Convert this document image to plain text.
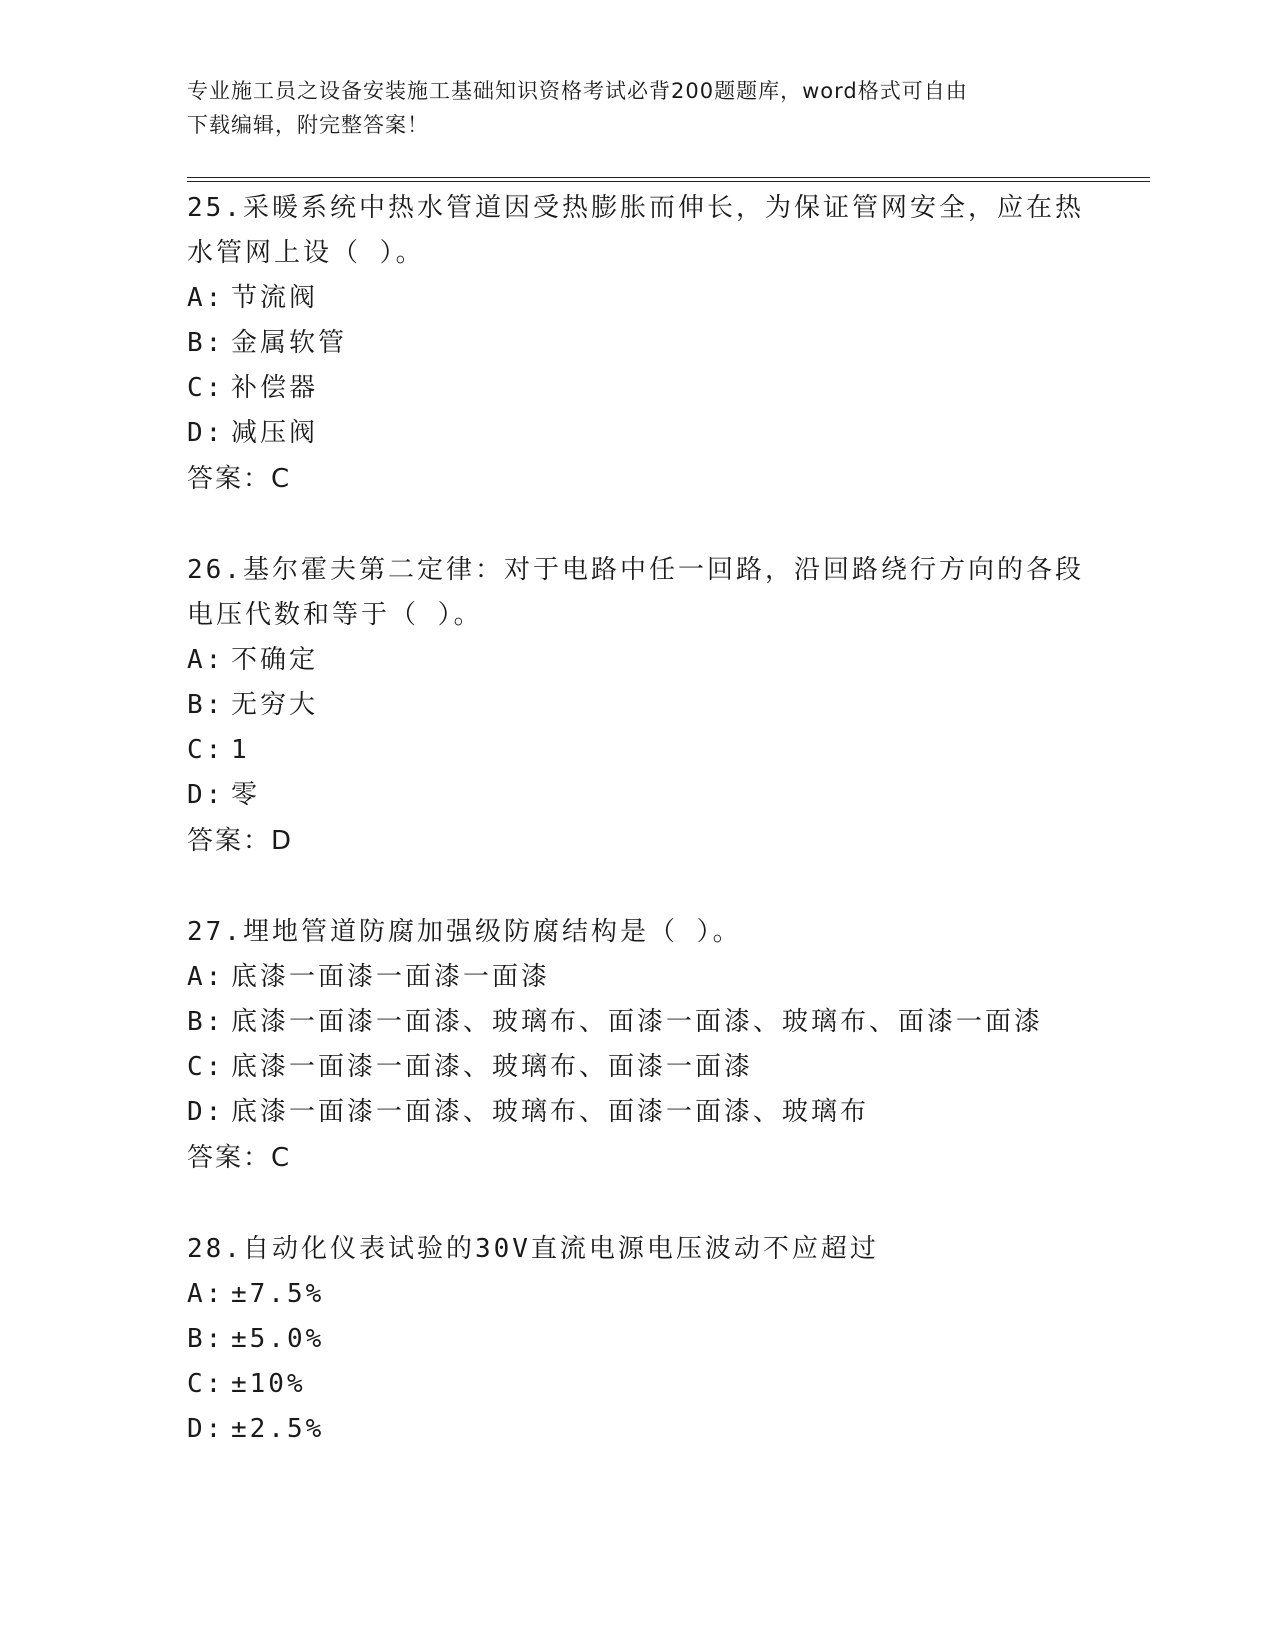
专业施工员之设备安装施工基础知识资格考试必背200题题库，word格式可自由
下载编辑，附完整答案！
25.采暖系统中热水管道因受热膨胀而伸长，为保证管网安全，应在热
水管网上设（ ）。
A: 节流阀
B: 金属软管
C: 补偿器
D: 减压阀
答案：C
26.基尔霍夫第二定律：对于电路中任一回路，沿回路绕行方向的各段
电压代数和等于（ ）。
A: 不确定
B: 无穷大
C: 1
D: 零
答案：D
27.埋地管道防腐加强级防腐结构是（ ）。
A: 底漆一面漆一面漆一面漆
B: 底漆一面漆一面漆、玻璃布、面漆一面漆、玻璃布、面漆一面漆
C: 底漆一面漆一面漆、玻璃布、面漆一面漆
D: 底漆一面漆一面漆、玻璃布、面漆一面漆、玻璃布
答案：C
28.自动化仪表试验的30V直流电源电压波动不应超过
A: ±7.5%
B: ±5.0%
C: ±10%
D: ±2.5%
